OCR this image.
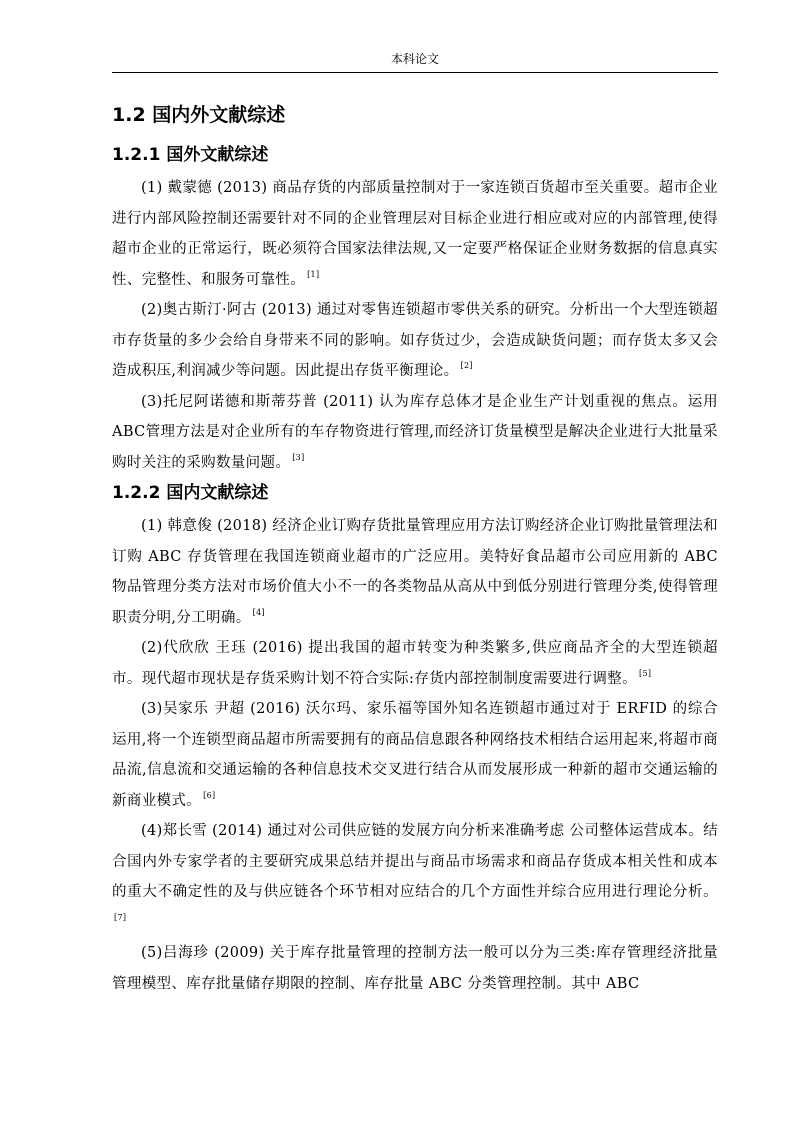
本科论文
1.2 国内外文献综述
1.2.1 国外文献综述

(1) 戴蒙德 (2013) 商品存货的内部质量控制对于一家连锁百货超市至关重要。超市企业进行内部风险控制还需要针对不同的企业管理层对目标企业进行相应或对应的内部管理,使得超市企业的正常运行，既必须符合国家法律法规,又一定要严格保证企业财务数据的信息真实性、完整性、和服务可靠性。 [1]

(2)奥古斯汀·阿古 (2013) 通过对零售连锁超市零供关系的研究。分析出一个大型连锁超市存货量的多少会给自身带来不同的影响。如存货过少，会造成缺货问题；而存货太多又会造成积压,利润减少等问题。因此提出存货平衡理论。 [2]

(3)托尼阿诺德和斯蒂芬普 (2011) 认为库存总体才是企业生产计划重视的焦点。运用ABC管理方法是对企业所有的车存物资进行管理,而经济订货量模型是解决企业进行大批量采购时关注的采购数量问题。 [3]

1.2.2 国内文献综述

(1) 韩意俊 (2018) 经济企业订购存货批量管理应用方法订购经济企业订购批量管理法和订购 ABC 存货管理在我国连锁商业超市的广泛应用。美特好食品超市公司应用新的 ABC 物品管理分类方法对市场价值大小不一的各类物品从高从中到低分别进行管理分类,使得管理职责分明,分工明确。 [4]

(2)代欣欣 王珏 (2016) 提出我国的超市转变为种类繁多,供应商品齐全的大型连锁超市。现代超市现状是存货采购计划不符合实际:存货内部控制制度需要进行调整。 [5]

(3)吴家乐 尹超 (2016) 沃尔玛、家乐福等国外知名连锁超市通过对于 ERFID 的综合运用,将一个连锁型商品超市所需要拥有的商品信息跟各种网络技术相结合运用起来,将超市商品流,信息流和交通运输的各种信息技术交叉进行结合从而发展形成一种新的超市交通运输的新商业模式。 [6]

(4)郑长雪 (2014) 通过对公司供应链的发展方向分析来准确考虑 公司整体运营成本。结合国内外专家学者的主要研究成果总结并提出与商品市场需求和商品存货成本相关性和成本的重大不确定性的及与供应链各个环节相对应结合的几个方面性并综合应用进行理论分析。[7]

(5)吕海珍 (2009) 关于库存批量管理的控制方法一般可以分为三类:库存管理经济批量管理模型、库存批量储存期限的控制、库存批量 ABC 分类管理控制。其中 ABC
